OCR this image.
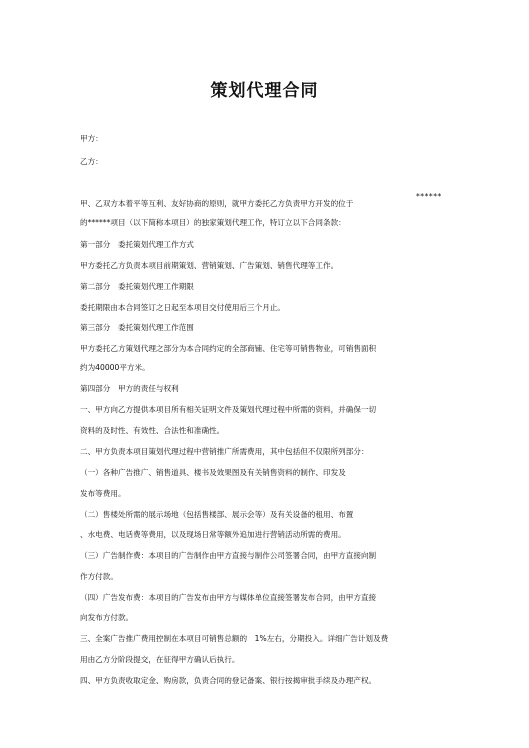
策划代理合同
甲方：
乙方：
******
甲、乙双方本着平等互利、友好协商的原则，就甲方委托乙方负责甲方开发的位于
的******项目（以下简称本项目）的独家策划代理工作，特订立以下合同条款：
第一部分　委托策划代理工作方式
甲方委托乙方负责本项目前期策划、营销策划、广告策划、销售代理等工作。
第二部分　委托策划代理工作期限
委托期限由本合同签订之日起至本项目交付使用后三个月止。
第三部分　委托策划代理工作范围
甲方委托乙方策划代理之部分为本合同约定的全部商铺、住宅等可销售物业，可销售面积
约为40000平方米。
第四部分　甲方的责任与权利
一、甲方向乙方提供本项目所有相关证明文件及策划代理过程中所需的资料，并确保一切
资料的及时性、有效性、合法性和准确性。
二、甲方负责本项目策划代理过程中营销推广所需费用，其中包括但不仅限所列部分：
（一）各种广告推广、销售道具、楼书及效果图及有关销售资料的制作、印发及
发布等费用。
（二）售楼处所需的展示场地（包括售楼部、展示会等）及有关设备的租用、布置
、水电费、电话费等费用，以及现场日常等额外追加进行营销活动所需的费用。
（三）广告制作费：本项目的广告制作由甲方直接与制作公司签署合同，由甲方直接向制
作方付款。
（四）广告发布费：本项目的广告发布由甲方与媒体单位直接签署发布合同，由甲方直接
向发布方付款。
三、全案广告推广费用控制在本项目可销售总额的　1%左右，分期投入。详细广告计划及费
用由乙方分阶段提交，在征得甲方确认后执行。
四、甲方负责收取定金、购房款，负责合同的登记备案、银行按揭审批手续及办理产权。
